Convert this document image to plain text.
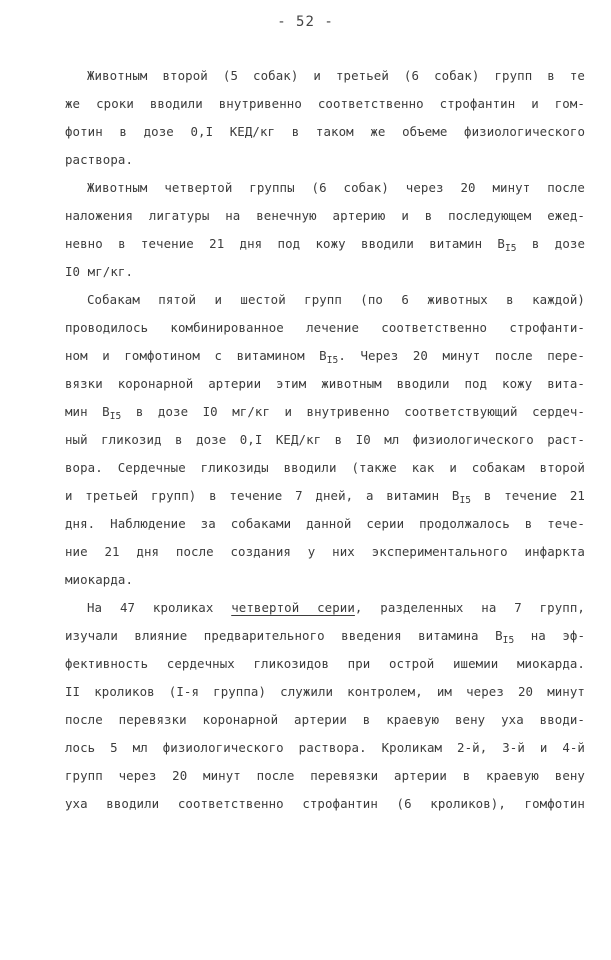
- 52 -
Животным второй (5 собак) и третьей (6 собак) групп в те
же сроки вводили внутривенно соответственно строфантин и гом-
фотин в дозе 0,I КЕД/кг в таком же объеме физиологического
раствора.
Животным четвертой группы (6 собак) через 20 минут после
наложения лигатуры на венечную артерию и в последующем ежед-
невно в течение 21 дня под кожу вводили витамин $В_{I5}$ в дозе
I0 мг/кг.
Собакам пятой и шестой групп (по 6 животных в каждой)
проводилось комбинированное лечение соответственно строфанти-
ном и гомфотином с витамином $В_{I5}$. Через 20 минут после пере-
вязки коронарной артерии этим животным вводили под кожу вита-
мин $В_{I5}$ в дозе I0 мг/кг и внутривенно соответствующий сердеч-
ный гликозид в дозе 0,I КЕД/кг в I0 мл физиологического раст-
вора. Сердечные гликозиды вводили (также как и собакам второй
и третьей групп) в течение 7 дней, а витамин $В_{I5}$ в течение 21
дня. Наблюдение за собаками данной серии продолжалось в тече-
ние 21 дня после создания у них экспериментального инфаркта
миокарда.
На 47 кроликах четвертой серии, разделенных на 7 групп,
изучали влияние предварительного введения витамина $В_{I5}$ на эф-
фективность сердечных гликозидов при острой ишемии миокарда.
II кроликов (I-я группа) служили контролем, им через 20 минут
после перевязки коронарной артерии в краевую вену уха вводи-
лось 5 мл физиологического раствора. Кроликам 2-й, 3-й и 4-й
групп через 20 минут после перевязки артерии в краевую вену
уха вводили соответственно строфантин (6 кроликов), гомфотин
